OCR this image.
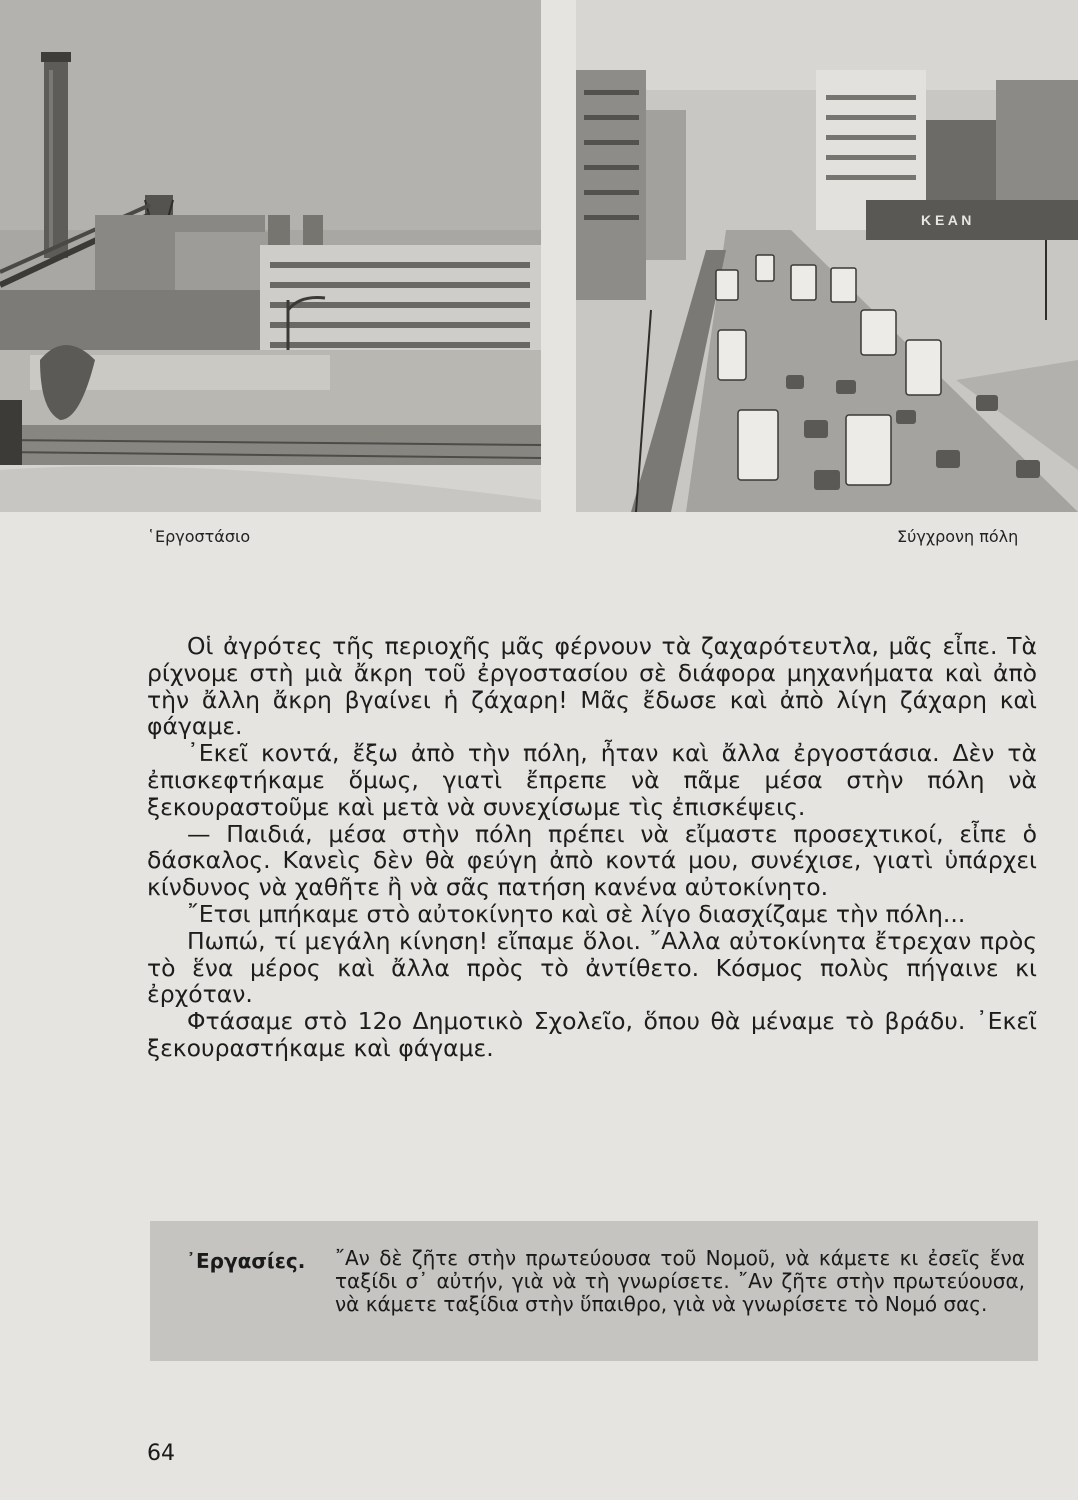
K E A N
῾Εργοστάσιο	Σύγχρονη πόλη

Οἱ ἀγρότες τῆς περιοχῆς μᾶς φέρνουν τὰ ζαχαρότευτλα, μᾶς εἶπε. Τὰ ρίχνομε στὴ μιὰ ἄκρη τοῦ ἐργοστασίου σὲ διάφορα μηχανήματα καὶ ἀπὸ τὴν ἄλλη ἄκρη βγαίνει ἡ ζάχαρη! Μᾶς ἔδωσε καὶ ἀπὸ λίγη ζάχαρη καὶ φάγαμε.

᾿Εκεῖ κοντά, ἔξω ἀπὸ τὴν πόλη, ἦταν καὶ ἄλλα ἐργοστάσια. Δὲν τὰ ἐπισκεφτήκαμε ὅμως, γιατὶ ἔπρεπε νὰ πᾶμε μέσα στὴν πόλη νὰ ξεκουραστοῦμε καὶ μετὰ νὰ συνεχίσωμε τὶς ἐπισκέψεις.

— Παιδιά, μέσα στὴν πόλη πρέπει νὰ εἴμαστε προσεχτικοί, εἶπε ὁ δάσκαλος. Κανεὶς δὲν θὰ φεύγη ἀπὸ κοντά μου, συνέχισε, γιατὶ ὑπάρχει κίνδυνος νὰ χαθῆτε ἢ νὰ σᾶς πατήση κανένα αὐτοκίνητο.

῎Ετσι μπήκαμε στὸ αὐτοκίνητο καὶ σὲ λίγο διασχίζαμε τὴν πόλη...

Πωπώ, τί μεγάλη κίνηση! εἴπαμε ὅλοι. ῎Αλλα αὐτοκίνητα ἔτρεχαν πρὸς τὸ ἕνα μέρος καὶ ἄλλα πρὸς τὸ ἀντίθετο. Κόσμος πολὺς πήγαινε κι ἐρχόταν.

Φτάσαμε στὸ 12ο Δημοτικὸ Σχολεῖο, ὅπου θὰ μέναμε τὸ βράδυ. ᾿Εκεῖ ξεκουραστήκαμε καὶ φάγαμε.

᾿Εργασίες. ῎Αν δὲ ζῆτε στὴν πρωτεύουσα τοῦ Νομοῦ, νὰ κάμετε κι ἐσεῖς ἕνα ταξίδι σ᾿ αὐτήν, γιὰ νὰ τὴ γνωρίσετε. ῎Αν ζῆτε στὴν πρωτεύουσα, νὰ κάμετε ταξίδια στὴν ὕπαιθρο, γιὰ νὰ γνωρίσετε τὸ Νομό σας.
64
